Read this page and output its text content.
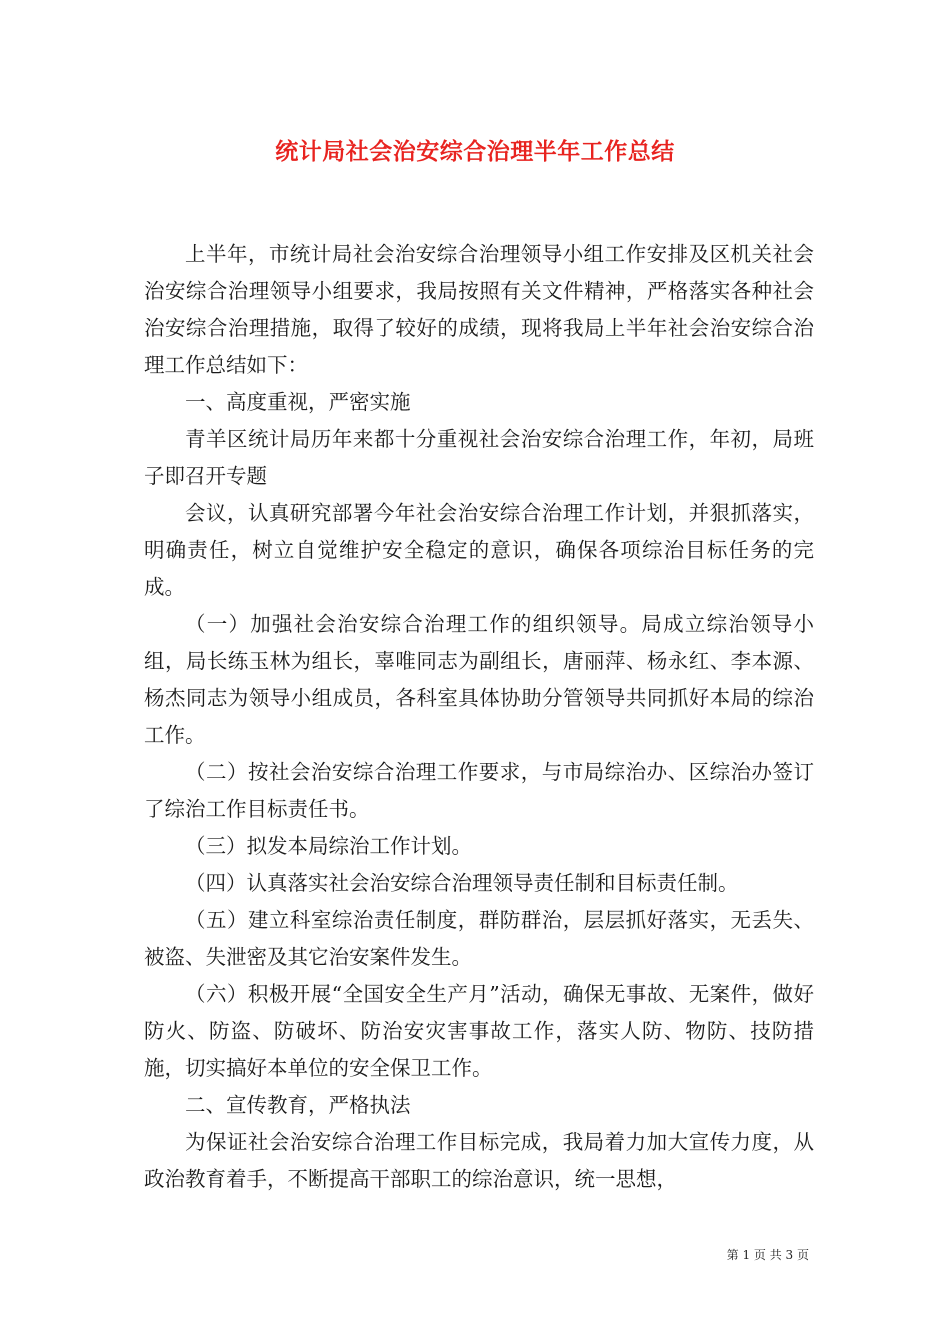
统计局社会治安综合治理半年工作总结

上半年，市统计局社会治安综合治理领导小组工作安排及区机关社会治安综合治理领导小组要求，我局按照有关文件精神，严格落实各种社会治安综合治理措施，取得了较好的成绩，现将我局上半年社会治安综合治理工作总结如下：

一、高度重视，严密实施

青羊区统计局历年来都十分重视社会治安综合治理工作，年初，局班子即召开专题

会议，认真研究部署今年社会治安综合治理工作计划，并狠抓落实，明确责任，树立自觉维护安全稳定的意识，确保各项综治目标任务的完成。

（一）加强社会治安综合治理工作的组织领导。局成立综治领导小组，局长练玉林为组长，辜唯同志为副组长，唐丽萍、杨永红、李本源、杨杰同志为领导小组成员，各科室具体协助分管领导共同抓好本局的综治工作。

（二）按社会治安综合治理工作要求，与市局综治办、区综治办签订了综治工作目标责任书。

（三）拟发本局综治工作计划。

（四）认真落实社会治安综合治理领导责任制和目标责任制。

（五）建立科室综治责任制度，群防群治，层层抓好落实，无丢失、被盗、失泄密及其它治安案件发生。

（六）积极开展“全国安全生产月”活动，确保无事故、无案件，做好防火、防盗、防破坏、防治安灾害事故工作，落实人防、物防、技防措施，切实搞好本单位的安全保卫工作。

二、宣传教育，严格执法

为保证社会治安综合治理工作目标完成，我局着力加大宣传力度，从政治教育着手，不断提高干部职工的综治意识，统一思想，

第 1 页 共 3 页
